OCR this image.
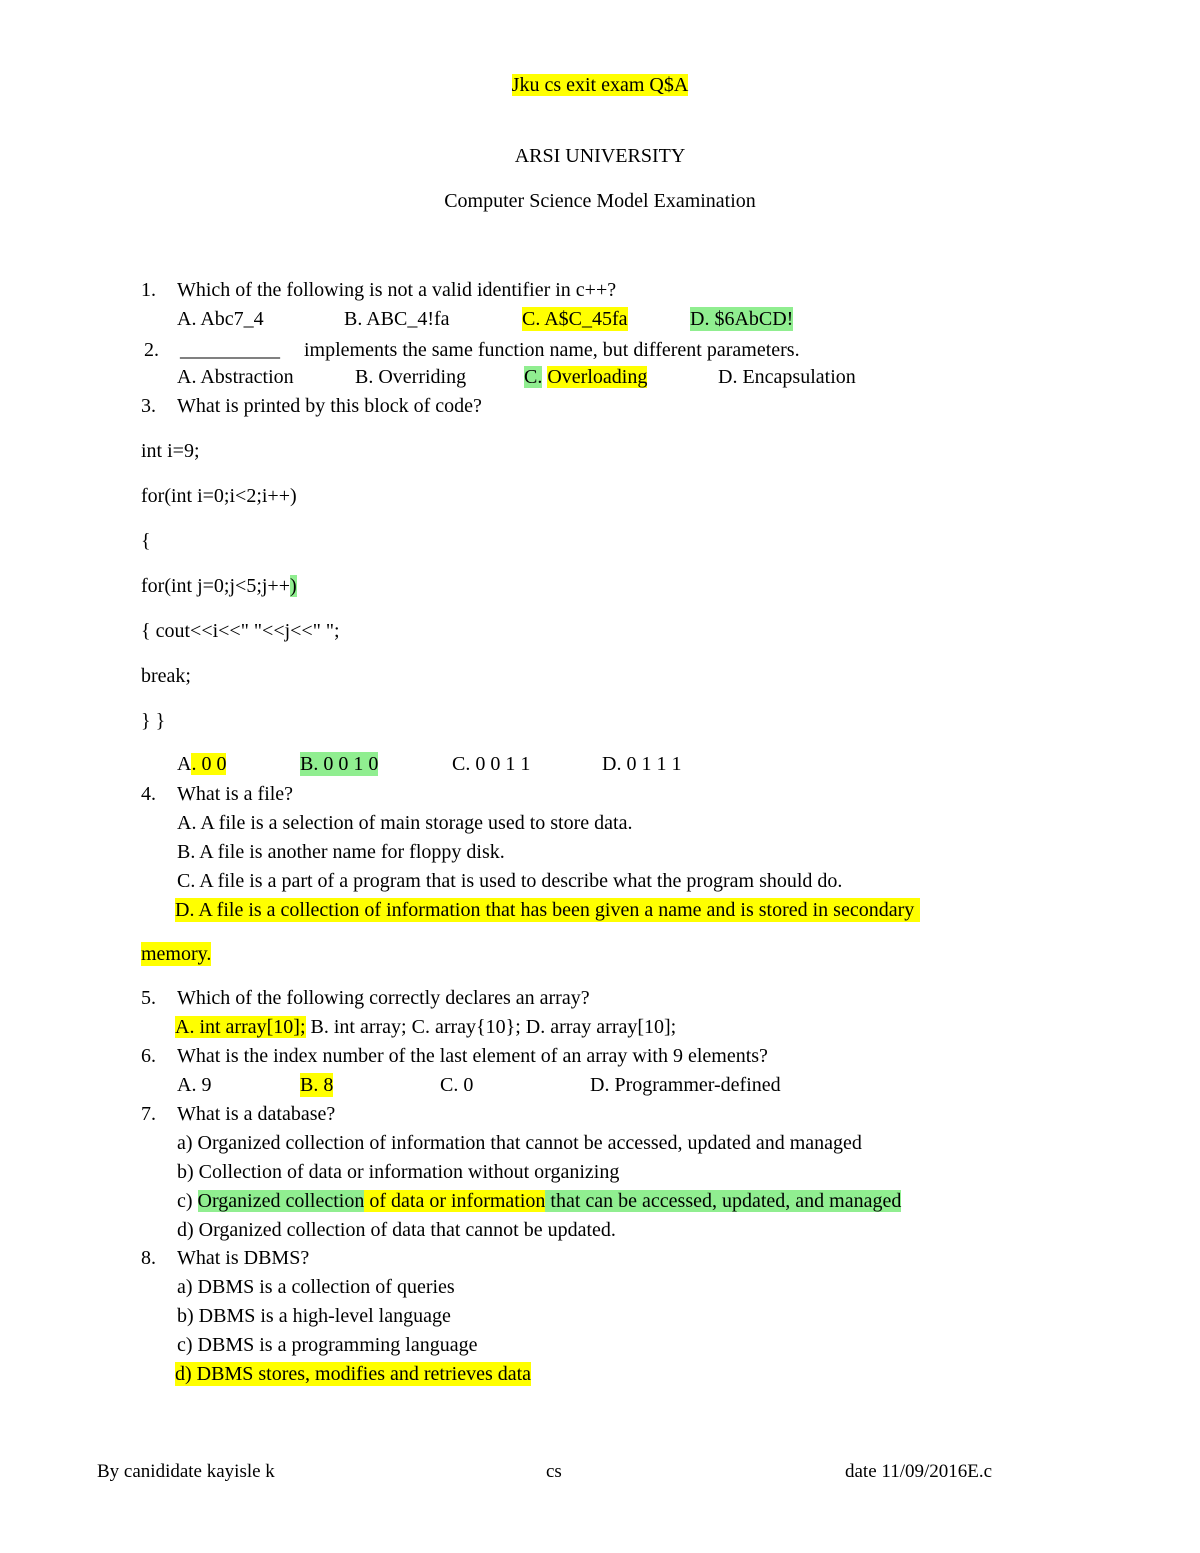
Jku cs exit exam Q$A
ARSI UNIVERSITY
Computer Science Model Examination
1. Which of the following is not a valid identifier in c++?
A. Abc7_4	B. ABC_4!fa	C. A$C_45fa	D. $6AbCD!
2. __________ implements the same function name, but different parameters.
A. Abstraction	B. Overriding	C. Overloading	D. Encapsulation
3. What is printed by this block of code?
int i=9;
for(int i=0;i<2;i++)
{
for(int j=0;j<5;j++)
{ cout<<i<<" "<<j<<" ";
break;
} }
A. 0 0	B. 0 0 1 0	C. 0 0 1 1	D. 0 1 1 1
4. What is a file?
A. A file is a selection of main storage used to store data.
B. A file is another name for floppy disk.
C. A file is a part of a program that is used to describe what the program should do.
D. A file is a collection of information that has been given a name and is stored in secondary
memory.
5. Which of the following correctly declares an array?
A. int array[10]; B. int array; C. array{10}; D. array array[10];
6. What is the index number of the last element of an array with 9 elements?
A. 9	B. 8	C. 0	D. Programmer-defined
7. What is a database?
a) Organized collection of information that cannot be accessed, updated and managed
b) Collection of data or information without organizing
c) Organized collection of data or information that can be accessed, updated, and managed
d) Organized collection of data that cannot be updated.
8. What is DBMS?
a) DBMS is a collection of queries
b) DBMS is a high-level language
c) DBMS is a programming language
d) DBMS stores, modifies and retrieves data
By canididate kayisle k	cs	date 11/09/2016E.c
